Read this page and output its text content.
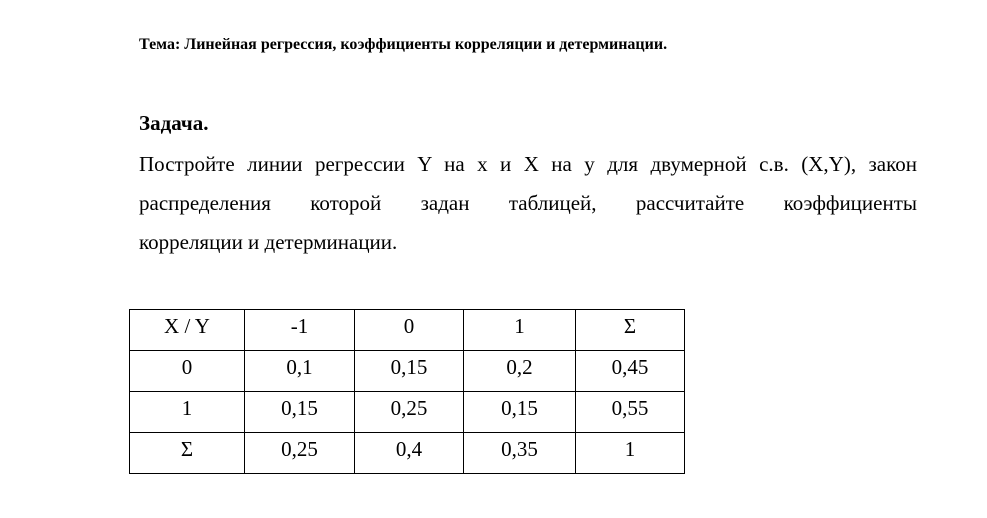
Тема: Линейная регрессия, коэффициенты корреляции и детерминации.
Задача.
Постройте линии регрессии Y на x и X на y для двумерной с.в. (X,Y), закон
распределения которой задан таблицей, рассчитайте коэффициенты
корреляции и детерминации.
X / Y	-1	0	1	Σ
0	0,1	0,15	0,2	0,45
1	0,15	0,25	0,15	0,55
Σ	0,25	0,4	0,35	1
